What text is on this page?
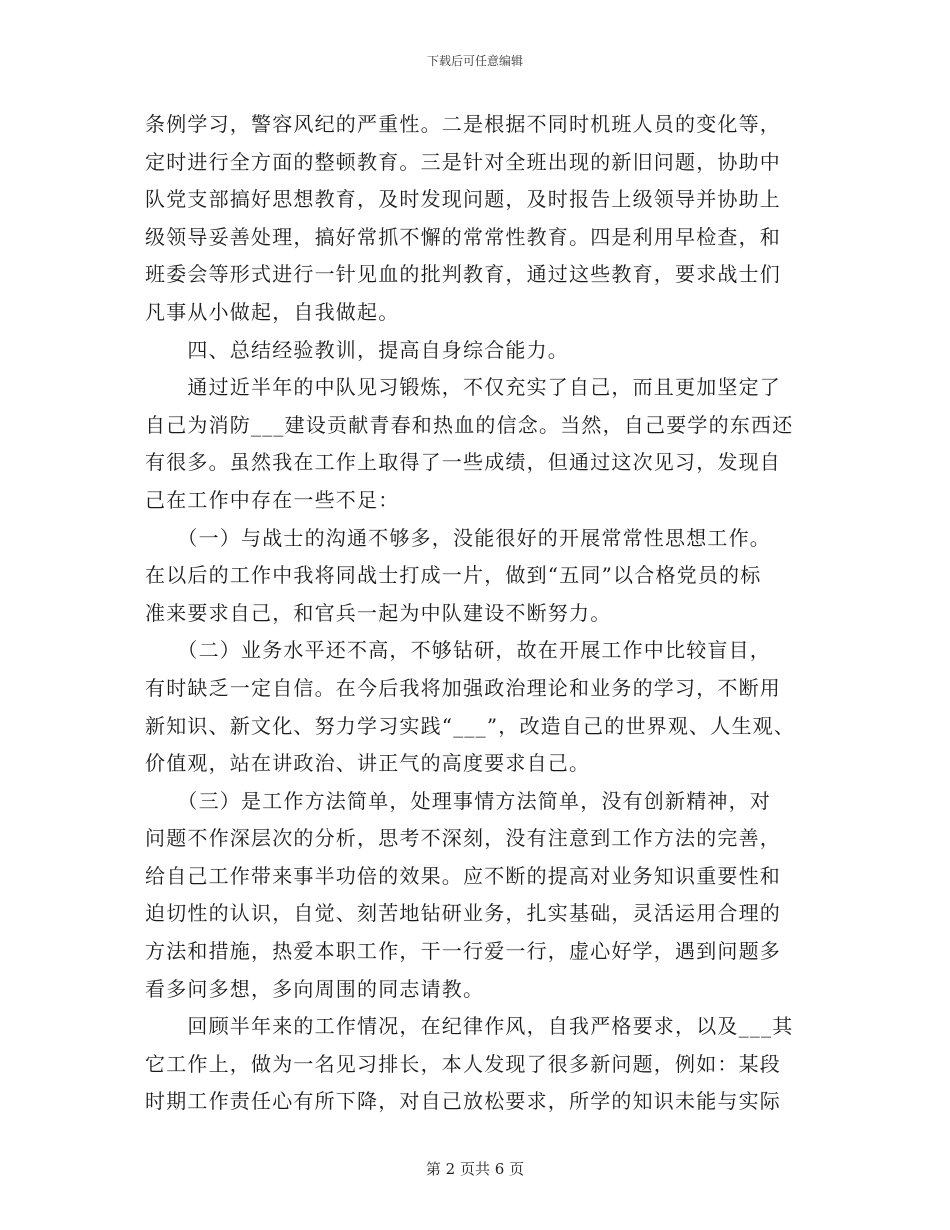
下载后可任意编辑
条例学习，警容风纪的严重性。二是根据不同时机班人员的变化等，
定时进行全方面的整顿教育。三是针对全班出现的新旧问题，协助中
队党支部搞好思想教育，及时发现问题，及时报告上级领导并协助上
级领导妥善处理，搞好常抓不懈的常常性教育。四是利用早检查，和
班委会等形式进行一针见血的批判教育，通过这些教育，要求战士们
凡事从小做起，自我做起。
　　四、总结经验教训，提高自身综合能力。
　　通过近半年的中队见习锻炼，不仅充实了自己，而且更加坚定了
自己为消防___建设贡献青春和热血的信念。当然，自己要学的东西还
有很多。虽然我在工作上取得了一些成绩，但通过这次见习，发现自
己在工作中存在一些不足：
　　（一）与战士的沟通不够多，没能很好的开展常常性思想工作。
在以后的工作中我将同战士打成一片，做到“五同”以合格党员的标
准来要求自己，和官兵一起为中队建设不断努力。
　　（二）业务水平还不高，不够钻研，故在开展工作中比较盲目，
有时缺乏一定自信。在今后我将加强政治理论和业务的学习，不断用
新知识、新文化、努力学习实践“___”，改造自己的世界观、人生观、
价值观，站在讲政治、讲正气的高度要求自己。
　　（三）是工作方法简单，处理事情方法简单，没有创新精神，对
问题不作深层次的分析，思考不深刻，没有注意到工作方法的完善，
给自己工作带来事半功倍的效果。应不断的提高对业务知识重要性和
迫切性的认识，自觉、刻苦地钻研业务，扎实基础，灵活运用合理的
方法和措施，热爱本职工作，干一行爱一行，虚心好学，遇到问题多
看多问多想，多向周围的同志请教。
　　回顾半年来的工作情况，在纪律作风，自我严格要求，以及___其
它工作上，做为一名见习排长，本人发现了很多新问题，例如：某段
时期工作责任心有所下降，对自己放松要求，所学的知识未能与实际
第 2 页共 6 页
